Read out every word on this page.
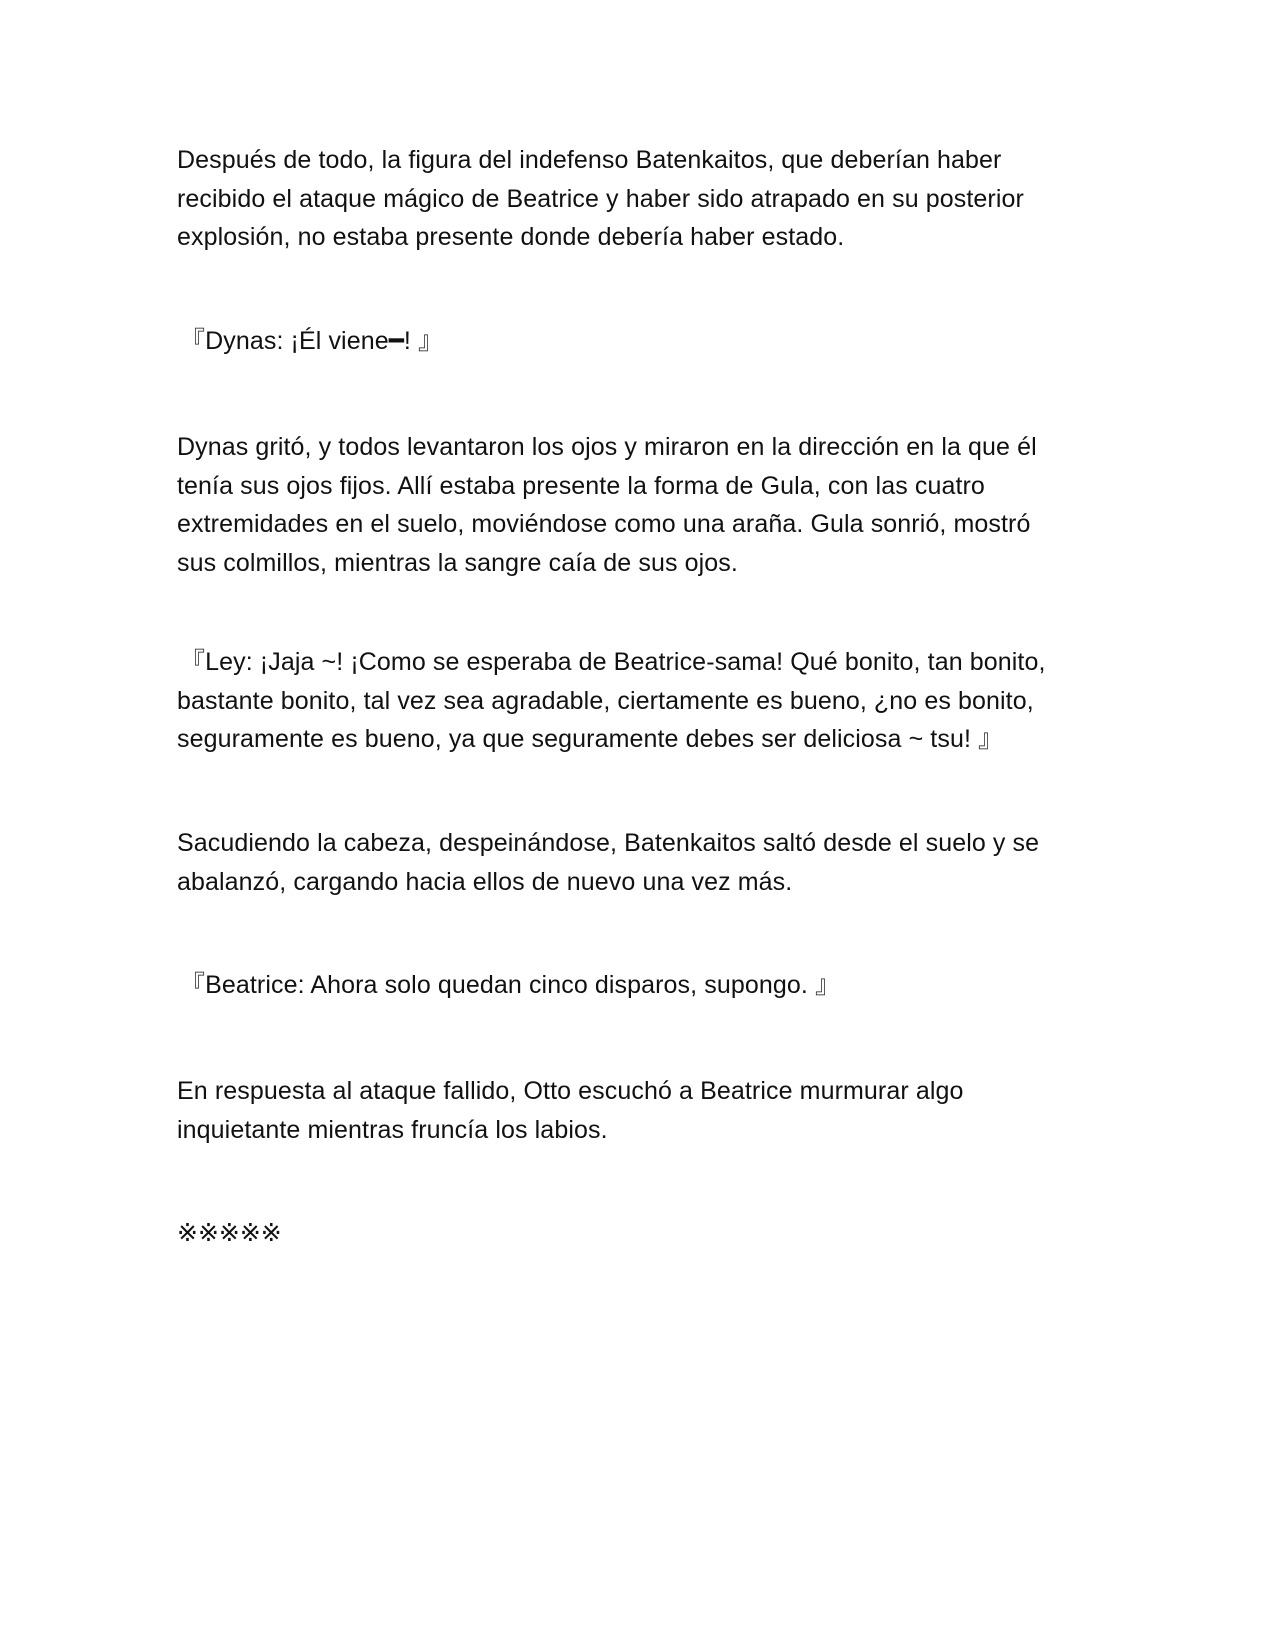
Después de todo, la figura del indefenso Batenkaitos, que deberían haber
recibido el ataque mágico de Beatrice y haber sido atrapado en su posterior
explosión, no estaba presente donde debería haber estado.

『Dynas: ¡Él viene━! 』

Dynas gritó, y todos levantaron los ojos y miraron en la dirección en la que él
tenía sus ojos fijos. Allí estaba presente la forma de Gula, con las cuatro
extremidades en el suelo, moviéndose como una araña. Gula sonrió, mostró
sus colmillos, mientras la sangre caía de sus ojos.

『Ley: ¡Jaja ~! ¡Como se esperaba de Beatrice-sama! Qué bonito, tan bonito,
bastante bonito, tal vez sea agradable, ciertamente es bueno, ¿no es bonito,
seguramente es bueno, ya que seguramente debes ser deliciosa ~ tsu! 』

Sacudiendo la cabeza, despeinándose, Batenkaitos saltó desde el suelo y se
abalanzó, cargando hacia ellos de nuevo una vez más.

『Beatrice: Ahora solo quedan cinco disparos, supongo. 』

En respuesta al ataque fallido, Otto escuchó a Beatrice murmurar algo
inquietante mientras fruncía los labios.

※※※※※
